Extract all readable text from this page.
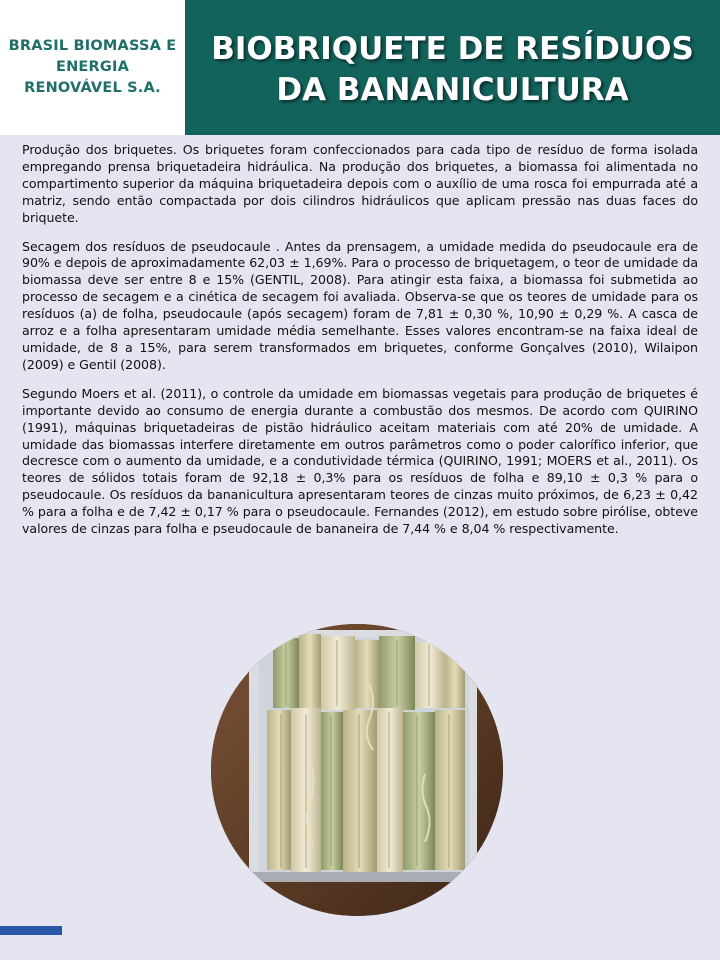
BRASIL BIOMASSA E
ENERGIA
RENOVÁVEL S.A.
BIOBRIQUETE DE RESÍDUOS
DA BANANICULTURA

Produção dos briquetes. Os briquetes foram confeccionados para cada tipo de resíduo de forma isolada empregando prensa briquetadeira hidráulica. Na produção dos briquetes, a biomassa foi alimentada no compartimento superior da máquina briquetadeira depois com o auxílio de uma rosca foi empurrada até a matriz, sendo então compactada por dois cilindros hidráulicos que aplicam pressão nas duas faces do briquete.

Secagem dos resíduos de pseudocaule . Antes da prensagem, a umidade medida do pseudocaule era de 90% e depois de aproximadamente 62,03 ± 1,69%. Para o processo de briquetagem, o teor de umidade da biomassa deve ser entre 8 e 15% (GENTIL, 2008). Para atingir esta faixa, a biomassa foi submetida ao processo de secagem e a cinética de secagem foi avaliada. Observa-se que os teores de umidade para os resíduos (a) de folha, pseudocaule (após secagem) foram de 7,81 ± 0,30 %, 10,90 ± 0,29 %. A casca de arroz e a folha apresentaram umidade média semelhante. Esses valores encontram-se na faixa ideal de umidade, de 8 a 15%, para serem transformados em briquetes, conforme Gonçalves (2010), Wilaipon (2009) e Gentil (2008).

Segundo Moers et al. (2011), o controle da umidade em biomassas vegetais para produção de briquetes é importante devido ao consumo de energia durante a combustão dos mesmos. De acordo com QUIRINO (1991), máquinas briquetadeiras de pistão hidráulico aceitam materiais com até 20% de umidade. A umidade das biomassas interfere diretamente em outros parâmetros como o poder calorífico inferior, que decresce com o aumento da umidade, e a condutividade térmica (QUIRINO, 1991; MOERS et al., 2011). Os teores de sólidos totais foram de 92,18 ± 0,3% para os resíduos de folha e 89,10 ± 0,3 % para o pseudocaule. Os resíduos da bananicultura apresentaram teores de cinzas muito próximos, de 6,23 ± 0,42 % para a folha e de 7,42 ± 0,17 % para o pseudocaule. Fernandes (2012), em estudo sobre pirólise, obteve valores de cinzas para folha e pseudocaule de bananeira de 7,44 % e 8,04 % respectivamente.
